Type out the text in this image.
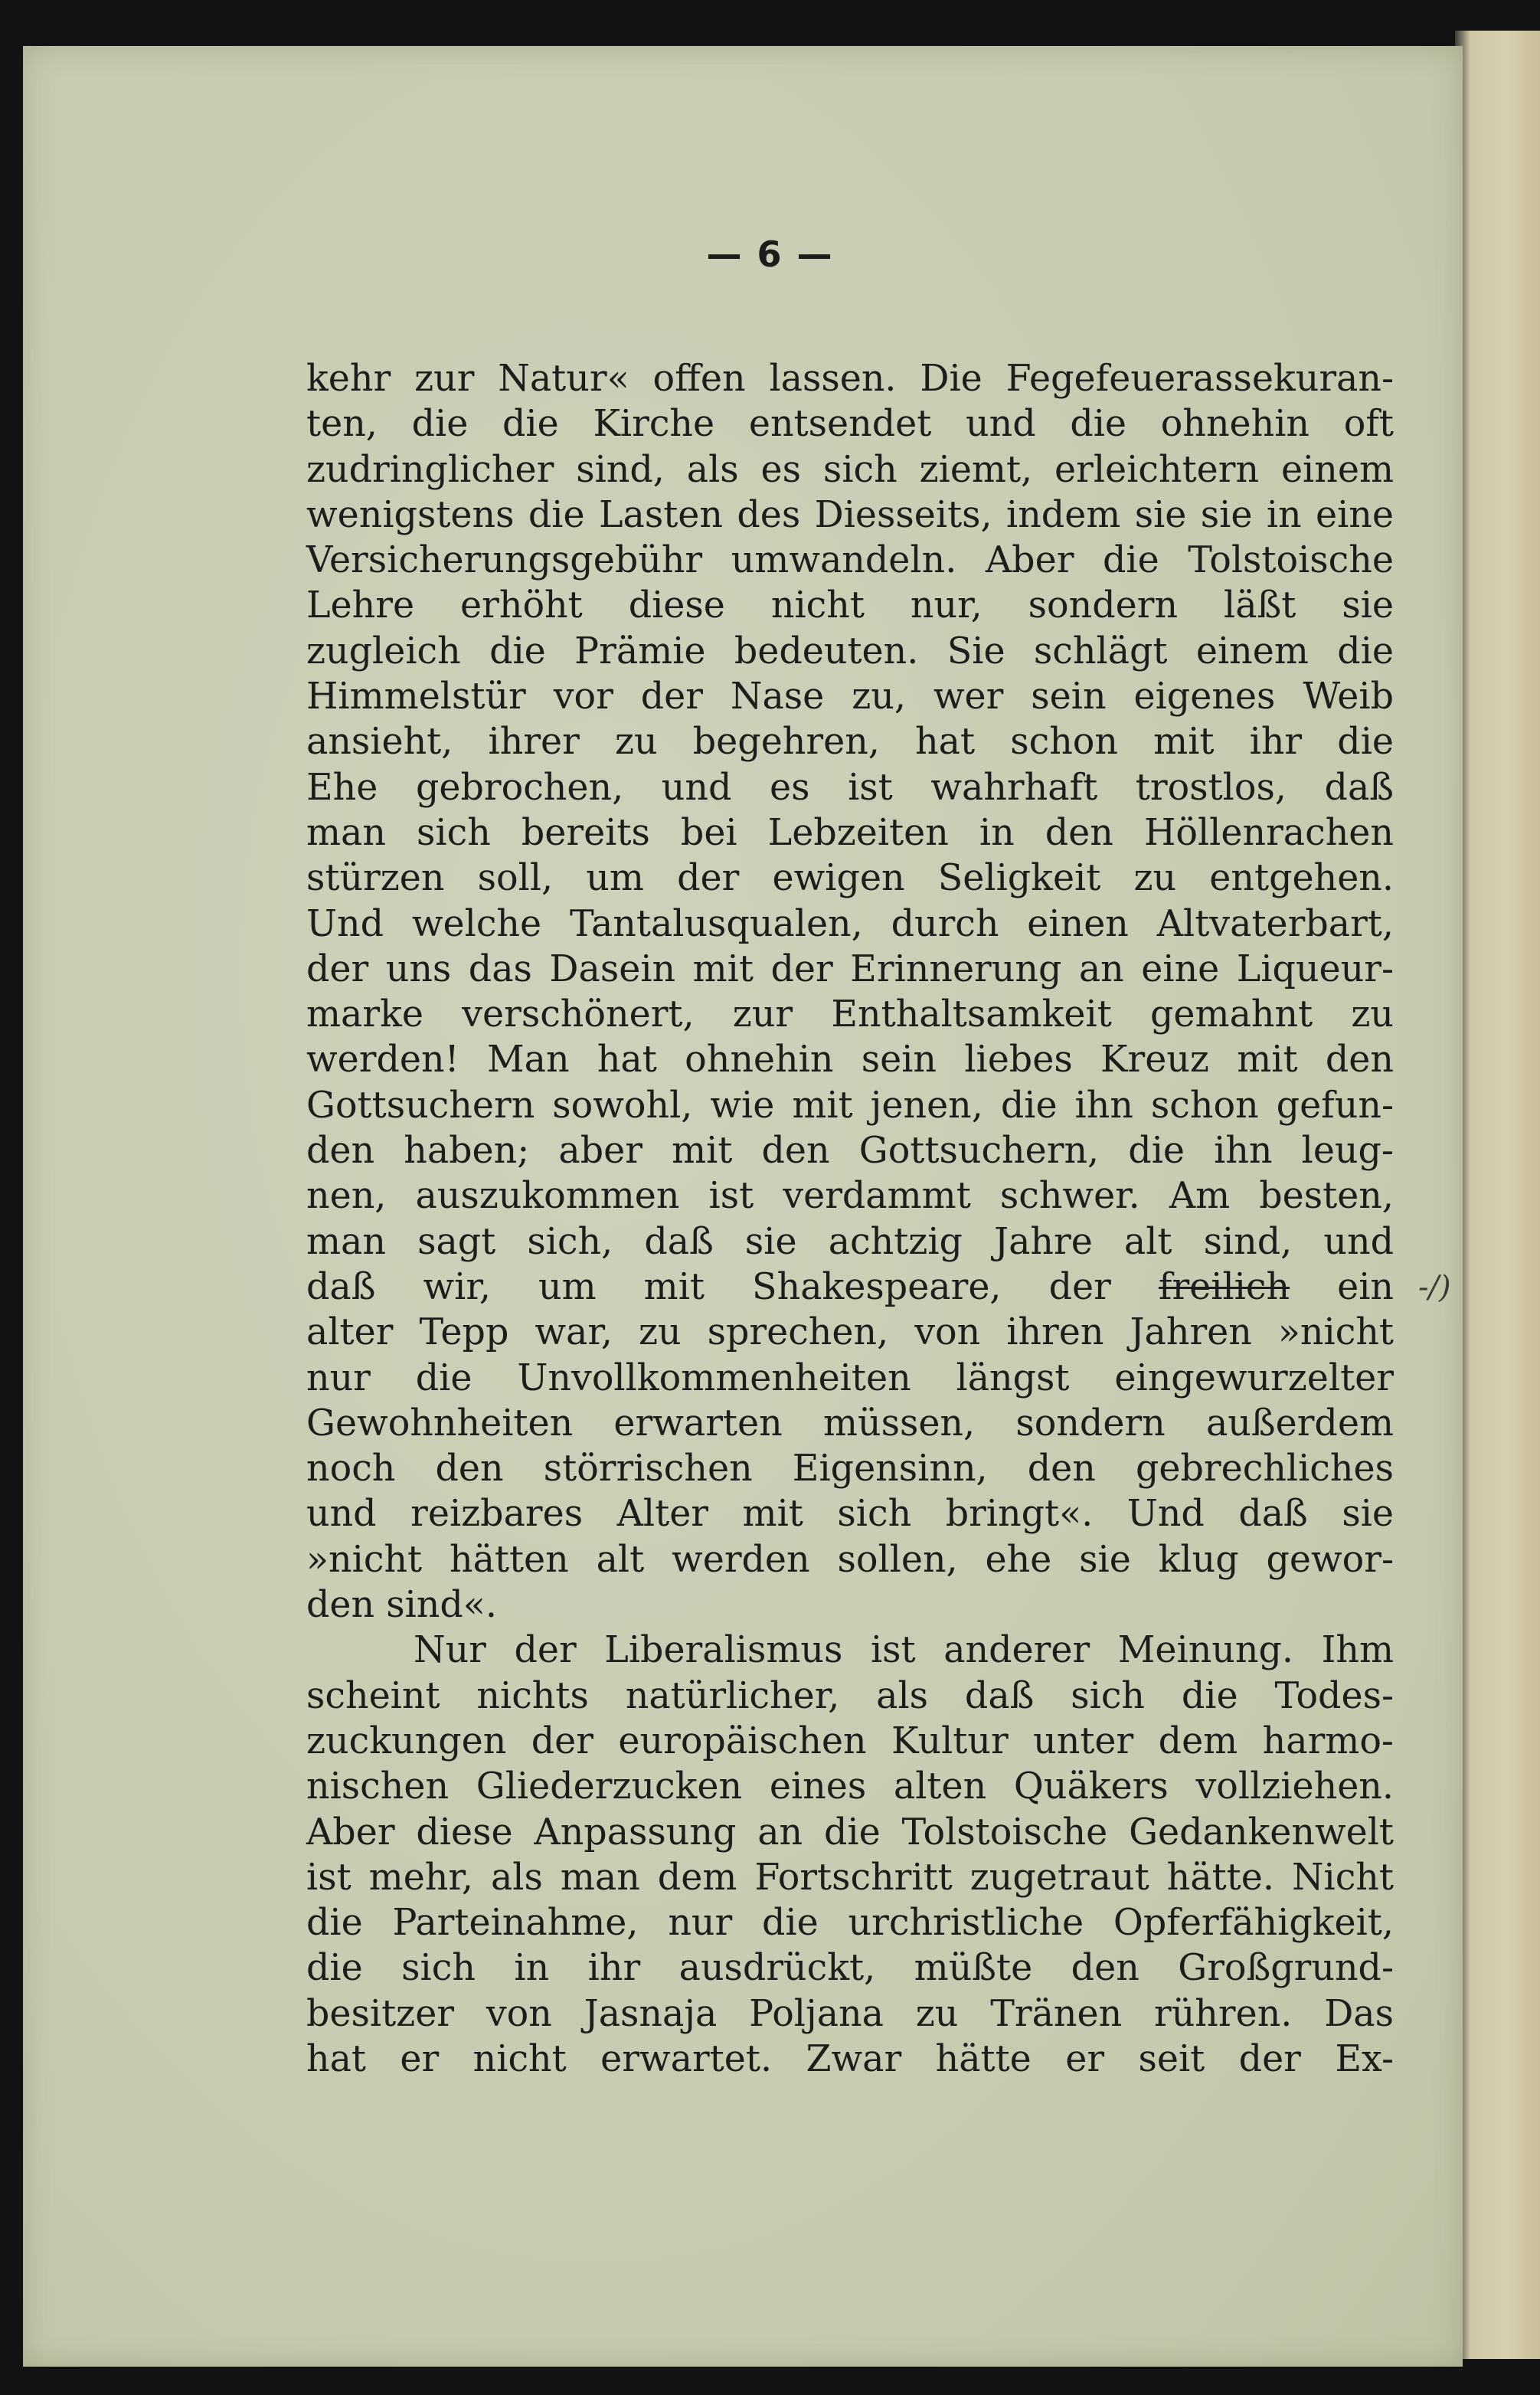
— 6 —
kehr zur Natur« offen lassen. Die Fegefeuerassekuran-
ten, die die Kirche entsendet und die ohnehin oft
zudringlicher sind, als es sich ziemt, erleichtern einem
wenigstens die Lasten des Diesseits, indem sie sie in eine
Versicherungsgebühr umwandeln. Aber die Tolstoische
Lehre erhöht diese nicht nur, sondern läßt sie
zugleich die Prämie bedeuten. Sie schlägt einem die
Himmelstür vor der Nase zu, wer sein eigenes Weib
ansieht, ihrer zu begehren, hat schon mit ihr die
Ehe gebrochen, und es ist wahrhaft trostlos, daß
man sich bereits bei Lebzeiten in den Höllenrachen
stürzen soll, um der ewigen Seligkeit zu entgehen.
Und welche Tantalusqualen, durch einen Altvaterbart,
der uns das Dasein mit der Erinnerung an eine Liqueur-
marke verschönert, zur Enthaltsamkeit gemahnt zu
werden! Man hat ohnehin sein liebes Kreuz mit den
Gottsuchern sowohl, wie mit jenen, die ihn schon gefun-
den haben; aber mit den Gottsuchern, die ihn leug-
nen, auszukommen ist verdammt schwer. Am besten,
man sagt sich, daß sie achtzig Jahre alt sind, und
daß wir, um mit Shakespeare, der freilich ein
alter Tepp war, zu sprechen, von ihren Jahren »nicht
nur die Unvollkommenheiten längst eingewurzelter
Gewohnheiten erwarten müssen, sondern außerdem
noch den störrischen Eigensinn, den gebrechliches
und reizbares Alter mit sich bringt«. Und daß sie
»nicht hätten alt werden sollen, ehe sie klug gewor-
den sind«.
Nur der Liberalismus ist anderer Meinung. Ihm
scheint nichts natürlicher, als daß sich die Todes-
zuckungen der europäischen Kultur unter dem harmo-
nischen Gliederzucken eines alten Quäkers vollziehen.
Aber diese Anpassung an die Tolstoische Gedankenwelt
ist mehr, als man dem Fortschritt zugetraut hätte. Nicht
die Parteinahme, nur die urchristliche Opferfähigkeit,
die sich in ihr ausdrückt, müßte den Großgrund-
besitzer von Jasnaja Poljana zu Tränen rühren. Das
hat er nicht erwartet. Zwar hätte er seit der Ex-
-/)
